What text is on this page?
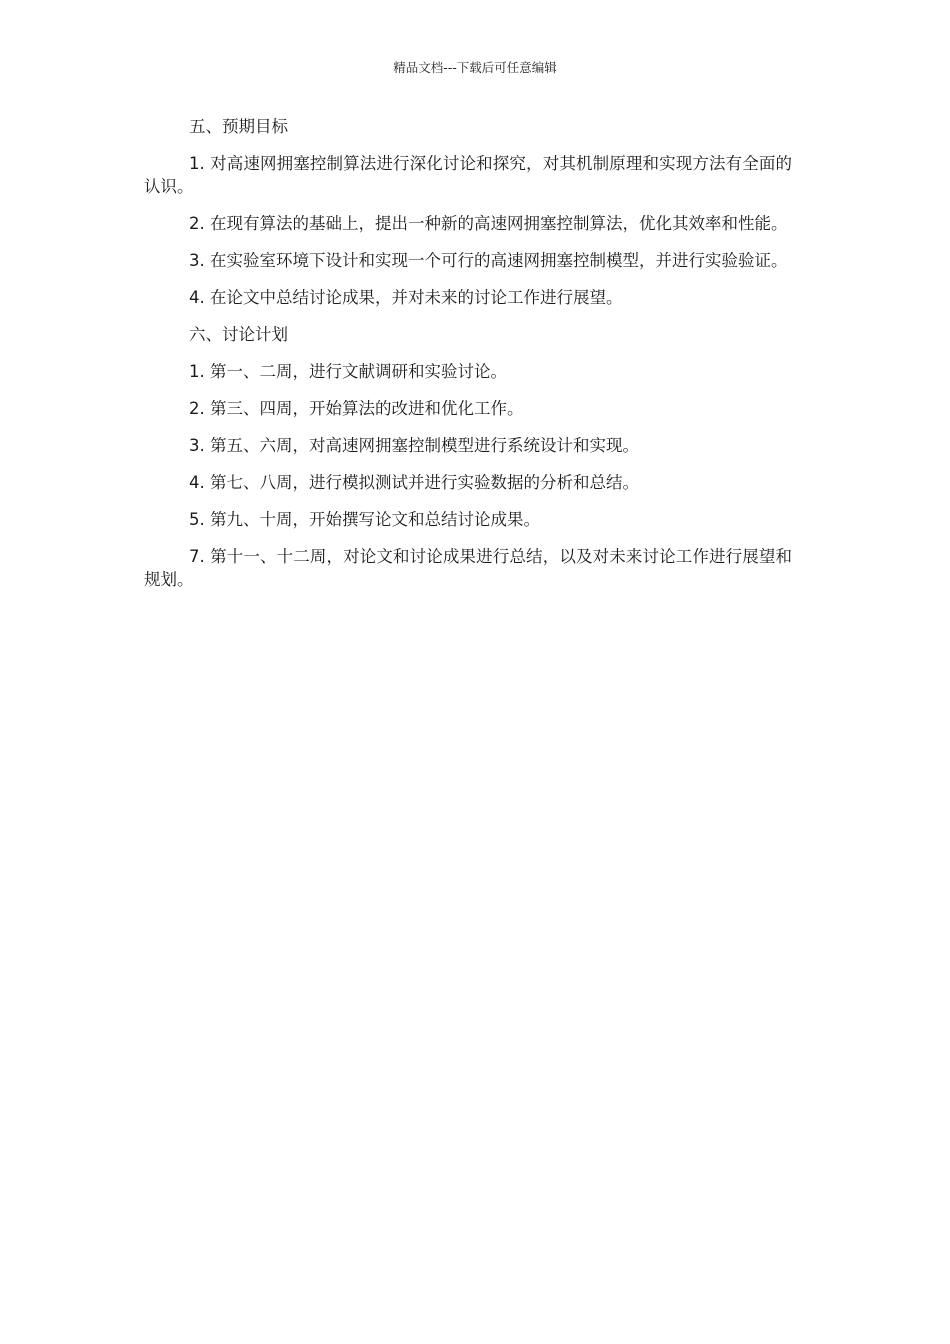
精品文档---下载后可任意编辑

五、预期目标

1. 对高速网拥塞控制算法进行深化讨论和探究，对其机制原理和实现方法有全面的认识。

2. 在现有算法的基础上，提出一种新的高速网拥塞控制算法，优化其效率和性能。

3. 在实验室环境下设计和实现一个可行的高速网拥塞控制模型，并进行实验验证。

4. 在论文中总结讨论成果，并对未来的讨论工作进行展望。

六、讨论计划

1. 第一、二周，进行文献调研和实验讨论。

2. 第三、四周，开始算法的改进和优化工作。

3. 第五、六周，对高速网拥塞控制模型进行系统设计和实现。

4. 第七、八周，进行模拟测试并进行实验数据的分析和总结。

5. 第九、十周，开始撰写论文和总结讨论成果。

7. 第十一、十二周，对论文和讨论成果进行总结，以及对未来讨论工作进行展望和规划。
